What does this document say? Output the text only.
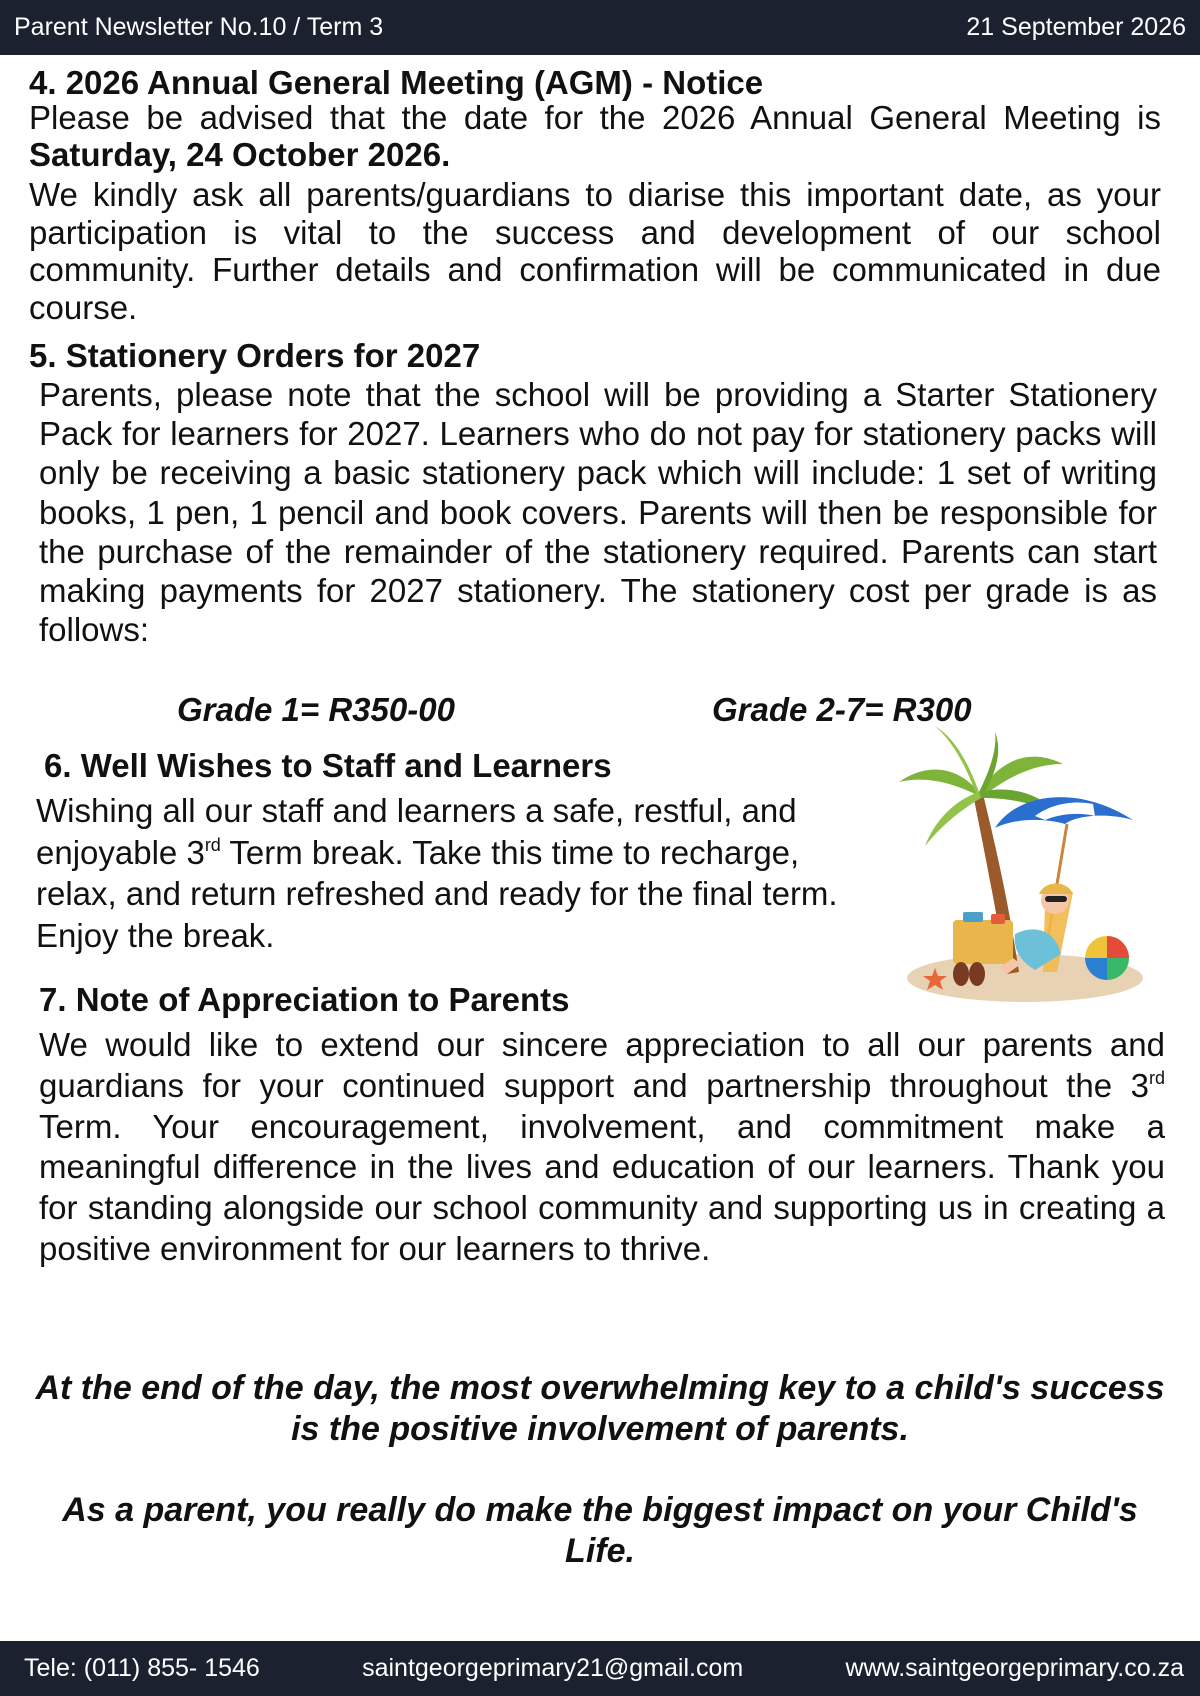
Parent Newsletter No.10 / Term 3	21 September 2026
4. 2026 Annual General Meeting (AGM) - Notice

Please be advised that the date for the 2026 Annual General Meeting is Saturday, 24 October 2026.

We kindly ask all parents/guardians to diarise this important date, as your participation is vital to the success and development of our school community. Further details and confirmation will be communicated in due course.

5. Stationery Orders for 2027

Parents, please note that the school will be providing a Starter Stationery Pack for learners for 2027. Learners who do not pay for stationery packs will only be receiving a basic stationery pack which will include: 1 set of writing books, 1 pen, 1 pencil and book covers. Parents will then be responsible for the purchase of the remainder of the stationery required. Parents can start making payments for 2027 stationery. The stationery cost per grade is as follows:

Grade 1= R350-00	Grade 2-7= R300
6. Well Wishes to Staff and Learners

Wishing all our staff and learners a safe, restful, and enjoyable 3rd Term break. Take this time to recharge, relax, and return refreshed and ready for the final term. Enjoy the break.

7. Note of Appreciation to Parents

We would like to extend our sincere appreciation to all our parents and guardians for your continued support and partnership throughout the 3rd Term. Your encouragement, involvement, and commitment make a meaningful difference in the lives and education of our learners. Thank you for standing alongside our school community and supporting us in creating a positive environment for our learners to thrive.

At the end of the day, the most overwhelming key to a child's success is the positive involvement of parents.

As a parent, you really do make the biggest impact on your Child's Life.

Tele: (011) 855- 1546	saintgeorgeprimary21@gmail.com	www.saintgeorgeprimary.co.za
